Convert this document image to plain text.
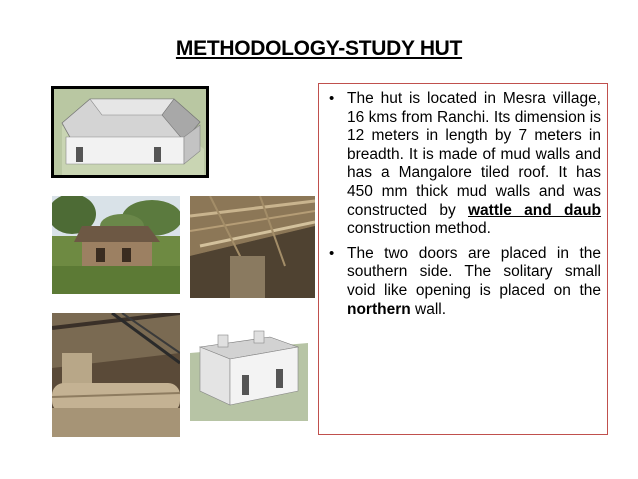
METHODOLOGY-STUDY HUT
• The hut is located in Mesra village, 16 kms from Ranchi. Its dimension is 12 meters in length by 7 meters in breadth. It is made of mud walls and has a Mangalore tiled roof. It has 450 mm thick mud walls and was constructed by wattle and daub construction method.
• The two doors are placed in the southern side. The solitary small void like opening is placed on the northern wall.
